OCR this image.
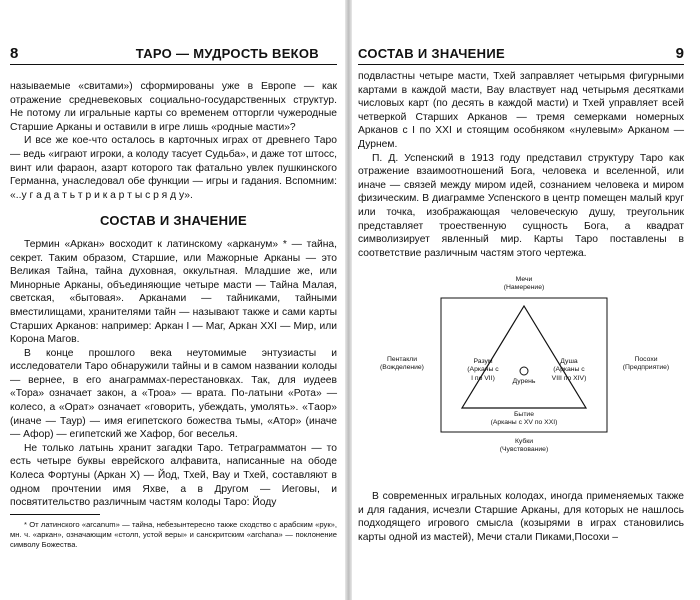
8	ТАРО — МУДРОСТЬ ВЕКОВ

называемые «свитами») сформированы уже в Европе — как отражение средневековых социально-государственных структур. Не потому ли игральные карты со временем отторгли чужеродные Старшие Арканы и оставили в игре лишь «родные масти»?

И все же кое-что осталось в карточных играх от древнего Таро — ведь «играют игроки, а колоду тасует Судьба», и даже тот штосс, винт или фараон, азарт которого так фатально увлек пушкинского Германна, унаследовал обе функции — игры и гадания. Вспомним: «..у г а д а т ь т р и к а р т ы с р я д у».

СОСТАВ И ЗНАЧЕНИЕ

Термин «Аркан» восходит к латинскому «арканум» * — тайна, секрет. Таким образом, Старшие, или Мажорные Арканы — это Великая Тайна, тайна духовная, оккультная. Младшие же, или Минорные Арканы, объединяющие четыре масти — Тайна Малая, светская, «бытовая». Арканами — тайниками, тайными вместилищами, хранителями тайн — называют также и сами карты Старших Арканов: например: Аркан I — Маг, Аркан XXI — Мир, или Корона Магов.

В конце прошлого века неутомимые энтузиасты и исследователи Таро обнаружили тайны и в самом названии колоды — вернее, в его анаграммах-перестановках. Так, для иудеев «Тора» означает закон, а «Троа» — врата. По-латыни «Рота» — колесо, а «Орат» означает «говорить, убеждать, умолять». «Тaop» (иначе — Таур) — имя египетского божества тьмы, «Атор» (иначе — Афор) — египетский же Хафор, бог веселья.

Не только латынь хранит загадки Таро. Тетраграмматон — то есть четыре буквы еврейского алфавита, написанные на ободе Колеса Фортуны (Аркан X) — Йод, Тхей, Вау и Тхей, составляют в одном прочтении имя Яхве, а в Другом — Иеговы, и посвятительство различным частям колоды Таро: Йоду

* От латинского «arcanum» — тайна, небезынтересно также сходство с арабским «рук», мн. ч. «аркан», означающим «столп, устой веры» и санскритским «archana» — поклонение символу Божества.
СОСТАВ И ЗНАЧЕНИЕ	9

подвластны четыре масти, Тхей заправляет четырьмя фигурными картами в каждой масти, Вау властвует над четырьмя десятками числовых карт (по десять в каждой масти) и Тхей управляет всей четверкой Старших Арканов — тремя семерками номерных Арканов с I по XXI и стоящим особняком «нулевым» Арканом — Дурнем.

П. Д. Успенский в 1913 году представил структуру Таро как отражение взаимоотношений Бога, человека и вселенной, или иначе — связей между миром идей, сознанием человека и миром физическим. В диаграмме Успенского в центр помещен малый круг или точка, изображающая человеческую душу, треугольник представляет троественную сущность Бога, а квадрат символизирует явленный мир. Карты Таро поставлены в соответствие различным частям этого чертежа.

Мечи
(Намерение)
Пентакли
(Вожделение)
Посохи
(Предприятие)
Кубки
(Чувствование)
Разум
(Арканы с
I по VII)
Душа
(Арканы с
VIII по XIV)
Дурень
Бытие
(Арканы с XV по XXI)

В современных игральных колодах, иногда применяемых также и для гадания, исчезли Старшие Арканы, для которых не нашлось подходящего игрового смысла (козырями в играх становились карты одной из мастей), Мечи стали Пиками,Посохи –
